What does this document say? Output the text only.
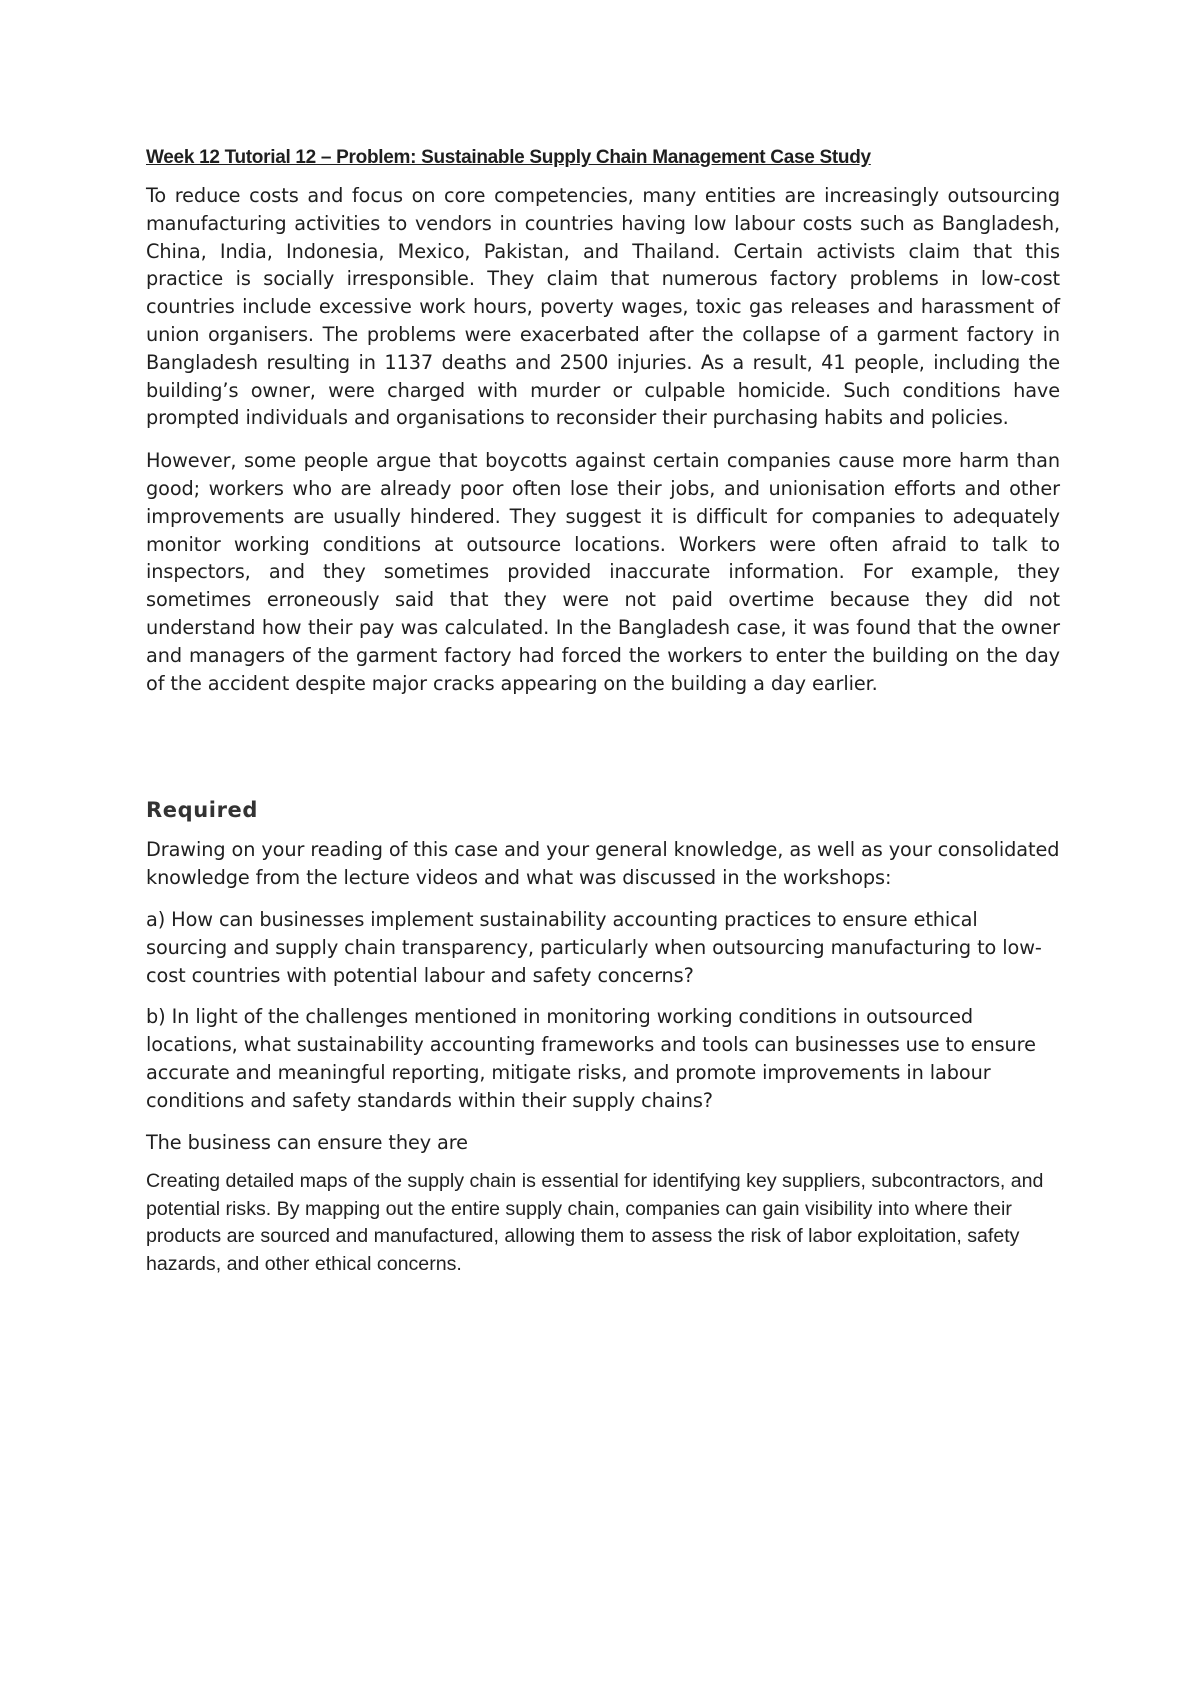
Week 12 Tutorial 12 – Problem: Sustainable Supply Chain Management Case Study

To reduce costs and focus on core competencies, many entities are increasingly outsourcing manufacturing activities to vendors in countries having low labour costs such as Bangladesh, China, India, Indonesia, Mexico, Pakistan, and Thailand. Certain activists claim that this practice is socially irresponsible. They claim that numerous factory problems in low-cost countries include excessive work hours, poverty wages, toxic gas releases and harassment of union organisers. The problems were exacerbated after the collapse of a garment factory in Bangladesh resulting in 1137 deaths and 2500 injuries. As a result, 41 people, including the building’s owner, were charged with murder or culpable homicide. Such conditions have prompted individuals and organisations to reconsider their purchasing habits and policies.

However, some people argue that boycotts against certain companies cause more harm than good; workers who are already poor often lose their jobs, and unionisation efforts and other improvements are usually hindered. They suggest it is difficult for companies to adequately monitor working conditions at outsource locations. Workers were often afraid to talk to inspectors, and they sometimes provided inaccurate information. For example, they sometimes erroneously said that they were not paid overtime because they did not understand how their pay was calculated. In the Bangladesh case, it was found that the owner and managers of the garment factory had forced the workers to enter the building on the day of the accident despite major cracks appearing on the building a day earlier.

Required

Drawing on your reading of this case and your general knowledge, as well as your consolidated knowledge from the lecture videos and what was discussed in the workshops:

a) How can businesses implement sustainability accounting practices to ensure ethical sourcing and supply chain transparency, particularly when outsourcing manufacturing to low-cost countries with potential labour and safety concerns?

b) In light of the challenges mentioned in monitoring working conditions in outsourced locations, what sustainability accounting frameworks and tools can businesses use to ensure accurate and meaningful reporting, mitigate risks, and promote improvements in labour conditions and safety standards within their supply chains?

The business can ensure they are

Creating detailed maps of the supply chain is essential for identifying key suppliers, subcontractors, and potential risks. By mapping out the entire supply chain, companies can gain visibility into where their products are sourced and manufactured, allowing them to assess the risk of labor exploitation, safety hazards, and other ethical concerns.
